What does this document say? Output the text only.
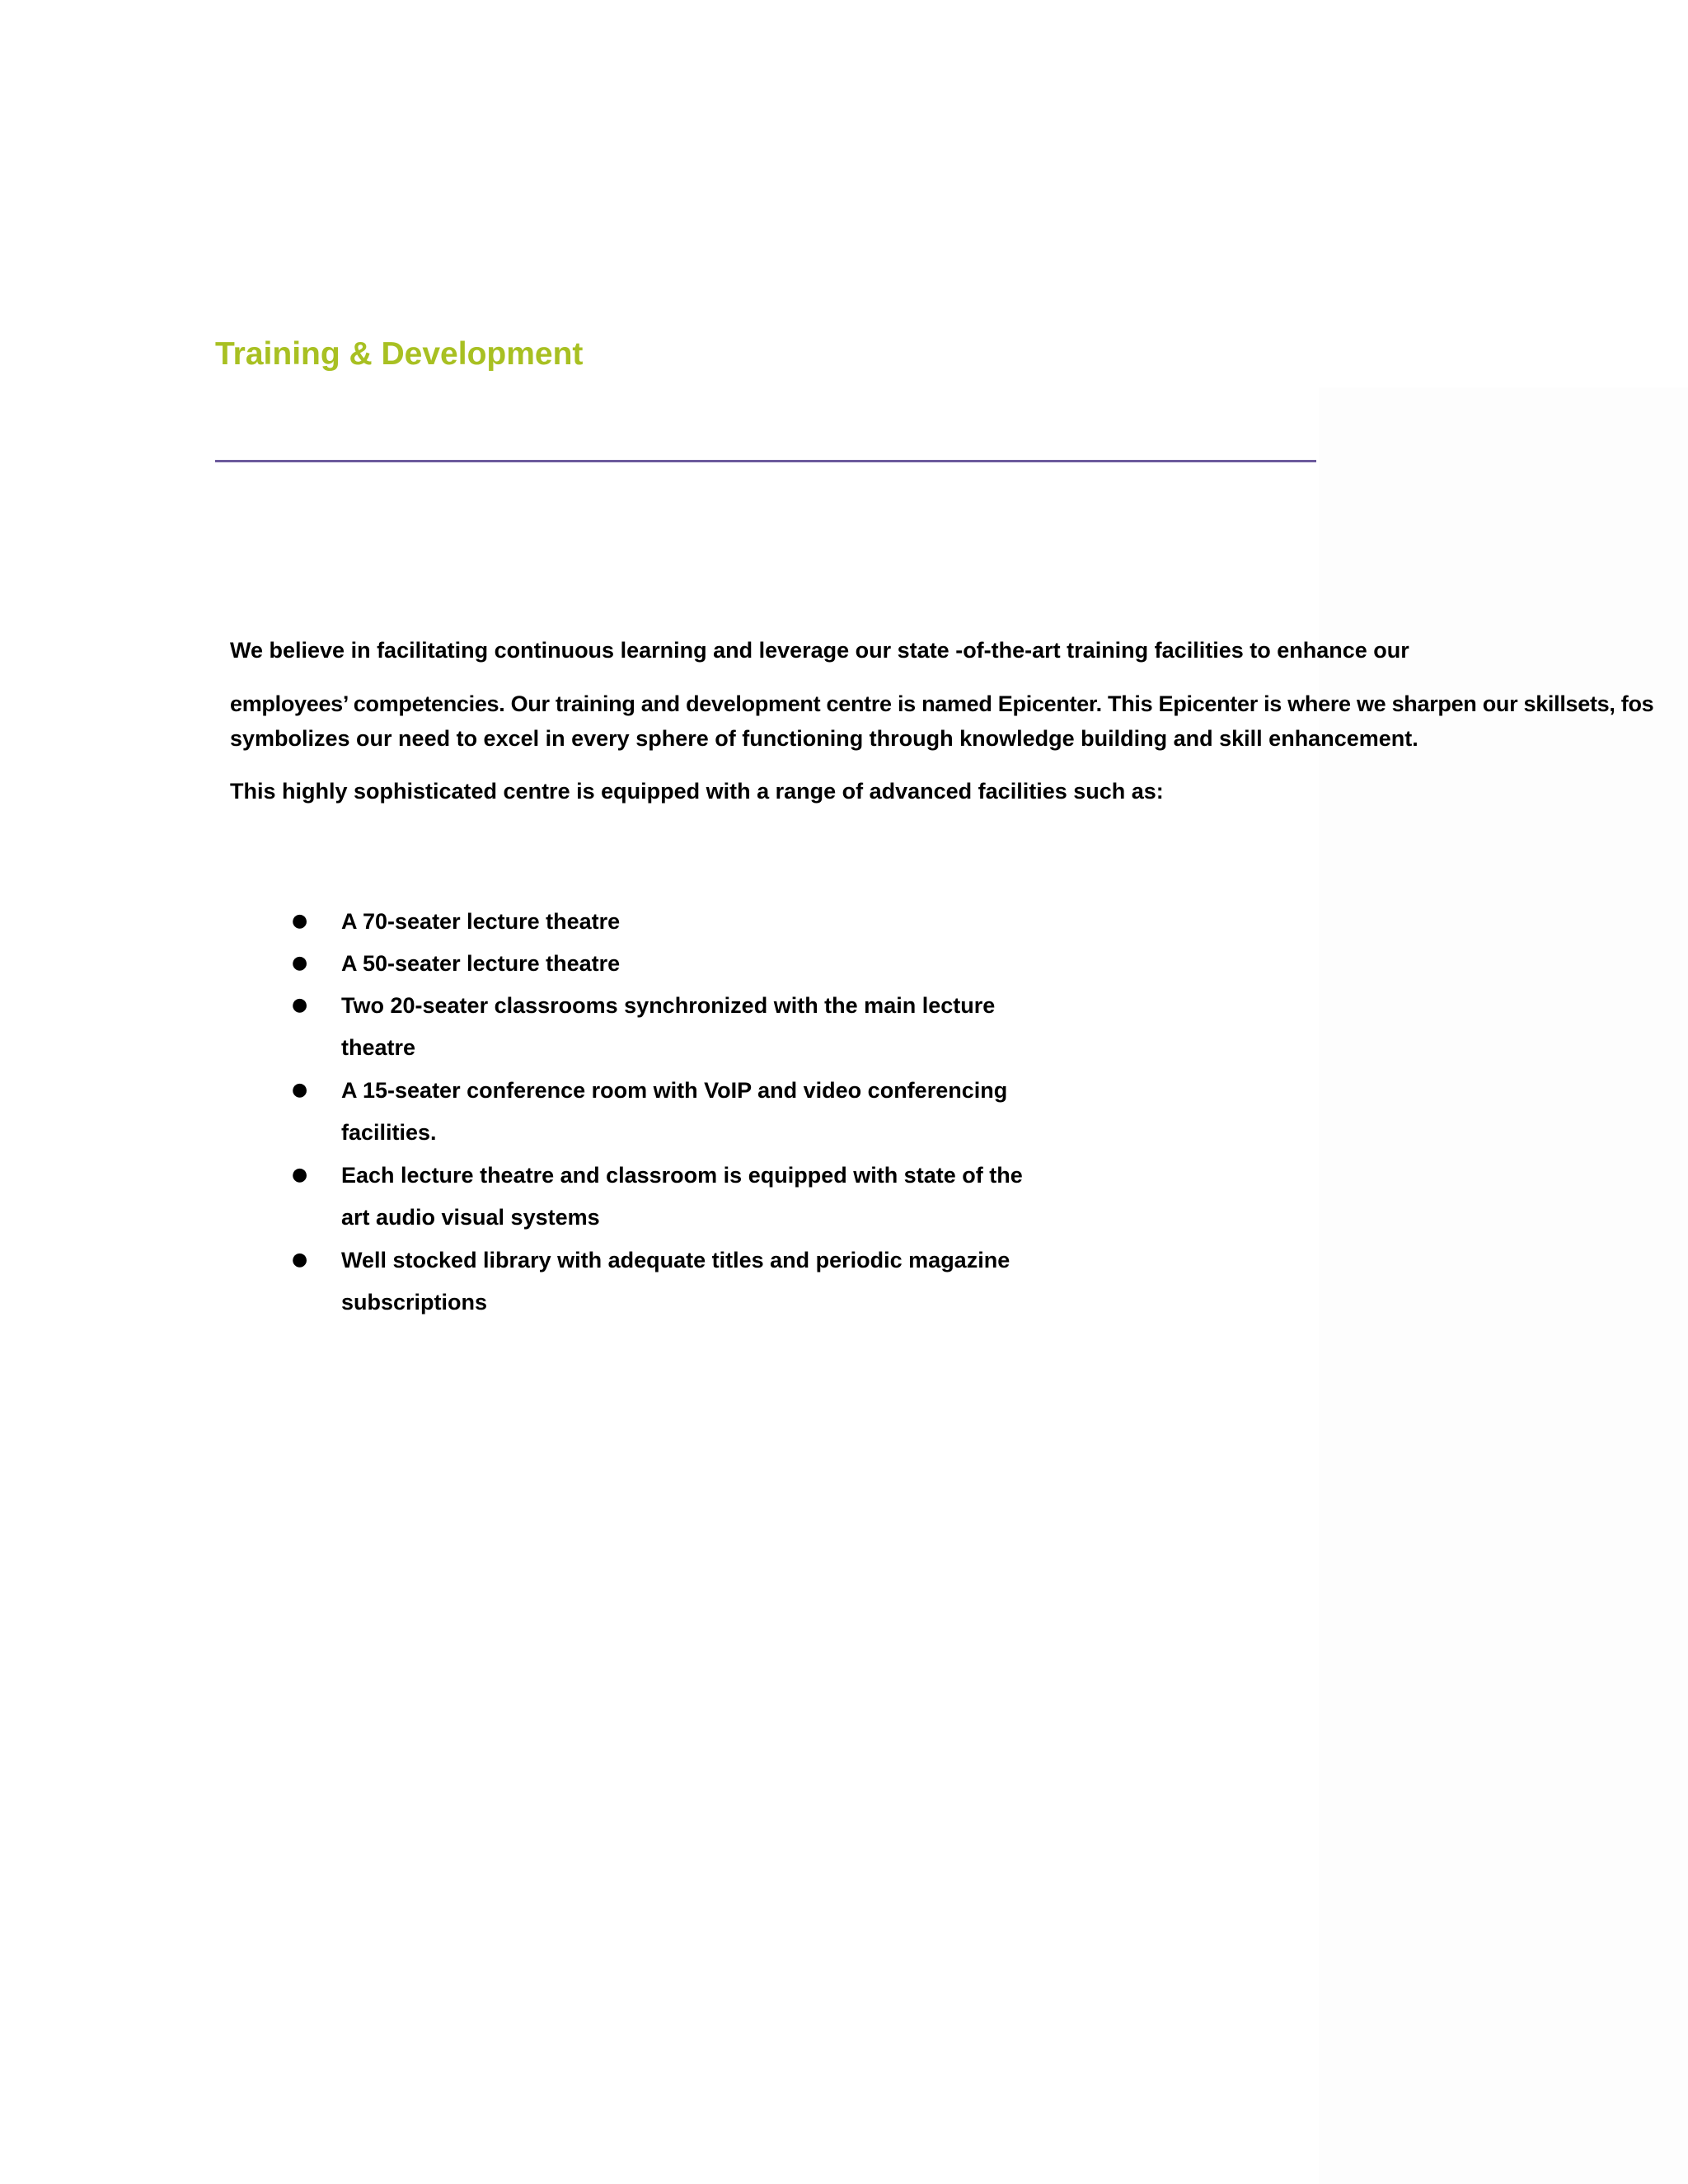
Training & Development

We believe in facilitating continuous learning and leverage our state -of-the-art training facilities to enhance our

employees’ competencies. Our training and development centre is named Epicenter. This Epicenter is where we sharpen our skillsets, fos

symbolizes our need to excel in every sphere of functioning through knowledge building and skill enhancement.

This highly sophisticated centre is equipped with a range of advanced facilities such as:

● A 70-seater lecture theatre
● A 50-seater lecture theatre
● Two 20-seater classrooms synchronized with the main lecture theatre
● A 15-seater conference room with VoIP and video conferencing facilities.
● Each lecture theatre and classroom is equipped with state of the art audio visual systems
● Well stocked library with adequate titles and periodic magazine subscriptions
